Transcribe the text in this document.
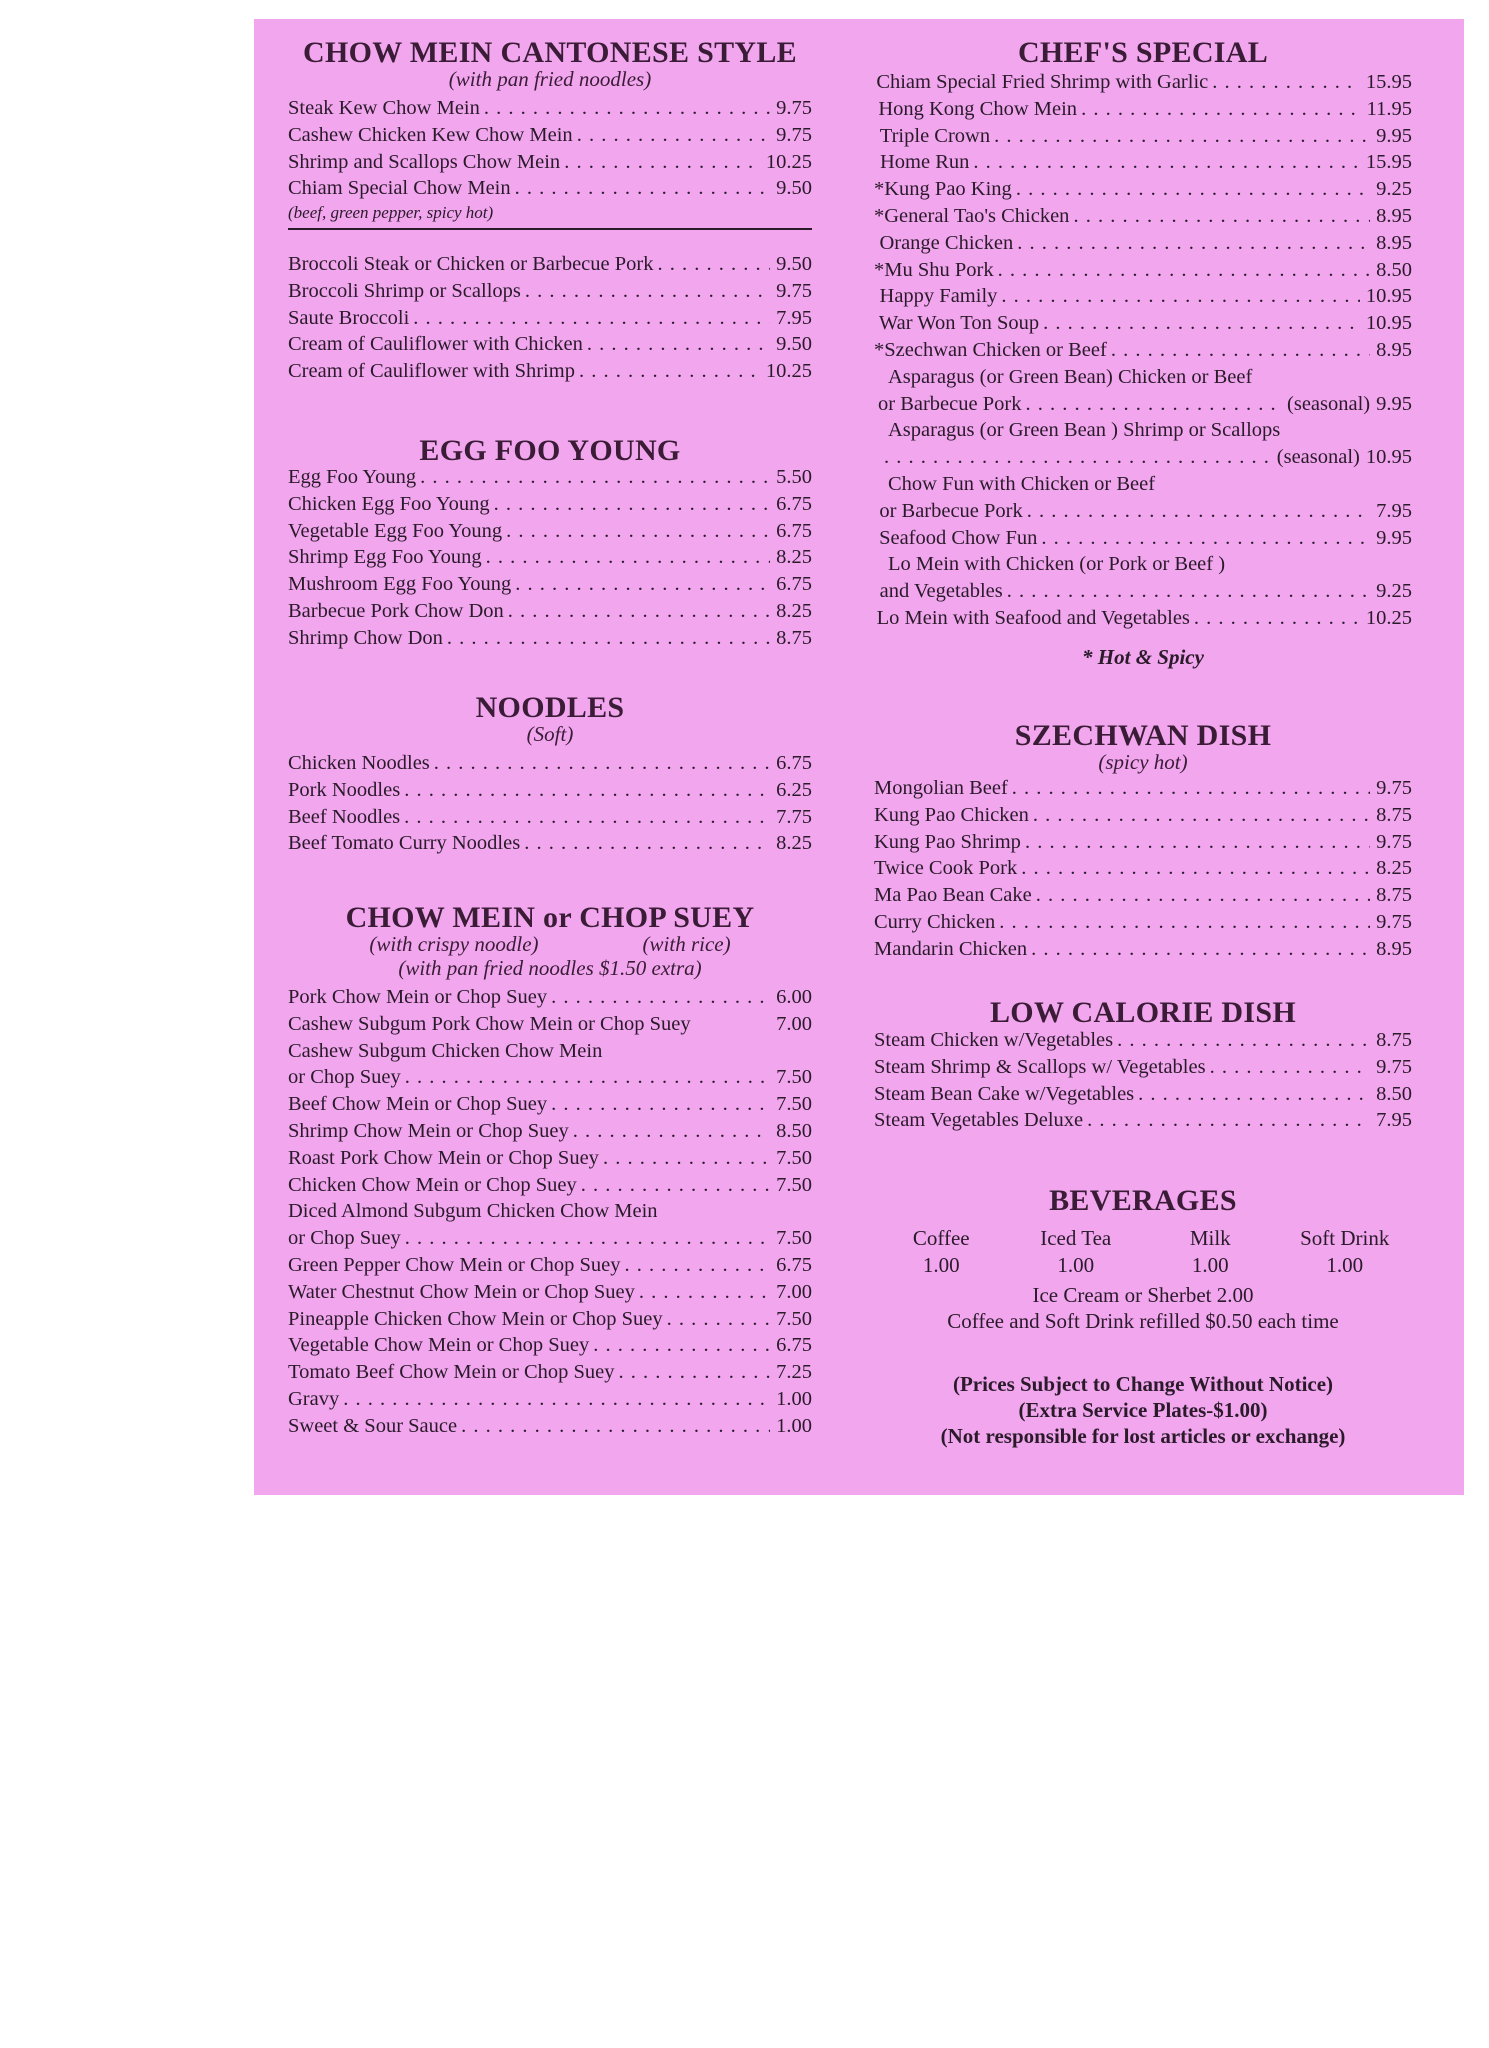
CHOW MEIN CANTONESE STYLE
(with pan fried noodles)
Steak Kew Chow Mein . . .	9.75
Cashew Chicken Kew Chow Mein . . .	9.75
Shrimp and Scallops Chow Mein . . .	10.25
Chiam Special Chow Mein . . .	9.50
(beef, green pepper, spicy hot)
Broccoli Steak or Chicken or Barbecue Pork . . .	9.50
Broccoli Shrimp or Scallops . . .	9.75
Saute Broccoli . . .	7.95
Cream of Cauliflower with Chicken . . .	9.50
Cream of Cauliflower with Shrimp . . .	10.25
EGG FOO YOUNG
Egg Foo Young . . .	5.50
Chicken Egg Foo Young . . .	6.75
Vegetable Egg Foo Young . . .	6.75
Shrimp Egg Foo Young . . .	8.25
Mushroom Egg Foo Young . . .	6.75
Barbecue Pork Chow Don . . .	8.25
Shrimp Chow Don . . .	8.75
NOODLES
(Soft)
Chicken Noodles . . .	6.75
Pork Noodles . . .	6.25
Beef Noodles . . .	7.75
Beef Tomato Curry Noodles . . .	8.25
CHOW MEIN or CHOP SUEY
(with crispy noodle)	(with rice)
(with pan fried noodles $1.50 extra)
Pork Chow Mein or Chop Suey . . .	6.00
Cashew Subgum Pork Chow Mein or Chop Suey	7.00
Cashew Subgum Chicken Chow Mein
or Chop Suey . . .	7.50
Beef Chow Mein or Chop Suey . . .	7.50
Shrimp Chow Mein or Chop Suey . . .	8.50
Roast Pork Chow Mein or Chop Suey . . .	7.50
Chicken Chow Mein or Chop Suey . . .	7.50
Diced Almond Subgum Chicken Chow Mein
or Chop Suey . . .	7.50
Green Pepper Chow Mein or Chop Suey . . .	6.75
Water Chestnut Chow Mein or Chop Suey . . .	7.00
Pineapple Chicken Chow Mein or Chop Suey . . .	7.50
Vegetable Chow Mein or Chop Suey . . .	6.75
Tomato Beef Chow Mein or Chop Suey . . .	7.25
Gravy . . .	1.00
Sweet & Sour Sauce . . .	1.00
CHEF'S SPECIAL
Chiam Special Fried Shrimp with Garlic . . .	15.95
Hong Kong Chow Mein . . .	11.95
Triple Crown . . .	9.95
Home Run . . .	15.95
* Kung Pao King . . .	9.25
* General Tao's Chicken . . .	8.95
Orange Chicken . . .	8.95
* Mu Shu Pork . . .	8.50
Happy Family . . .	10.95
War Won Ton Soup . . .	10.95
* Szechwan Chicken or Beef . . .	8.95
Asparagus (or Green Bean) Chicken or Beef
or Barbecue Pork . . .	(seasonal) 9.95
Asparagus (or Green Bean ) Shrimp or Scallops
. . .
(seasonal) 10.95
Chow Fun with Chicken or Beef
or Barbecue Pork . . .	7.95
Seafood Chow Fun . . .	9.95
Lo Mein with Chicken (or Pork or Beef )
and Vegetables . . .	9.25
Lo Mein with Seafood and Vegetables . . .	10.25
* Hot & Spicy
SZECHWAN DISH
(spicy hot)
Mongolian Beef . . .	9.75
Kung Pao Chicken . . .	8.75
Kung Pao Shrimp . . .	9.75
Twice Cook Pork . . .	8.25
Ma Pao Bean Cake . . .	8.75
Curry Chicken . . .	9.75
Mandarin Chicken . . .	8.95
LOW CALORIE DISH
Steam Chicken w/Vegetables . . .	8.75
Steam Shrimp & Scallops w/ Vegetables . . .	9.75
Steam Bean Cake w/Vegetables . . .	8.50
Steam Vegetables Deluxe . . .	7.95
BEVERAGES
Coffee
1.00
Iced Tea
1.00
Milk
1.00
Soft Drink
1.00
Ice Cream or Sherbet 2.00
Coffee and Soft Drink refilled $0.50 each time
(Prices Subject to Change Without Notice)
(Extra Service Plates-$1.00)
(Not responsible for lost articles or exchange)
